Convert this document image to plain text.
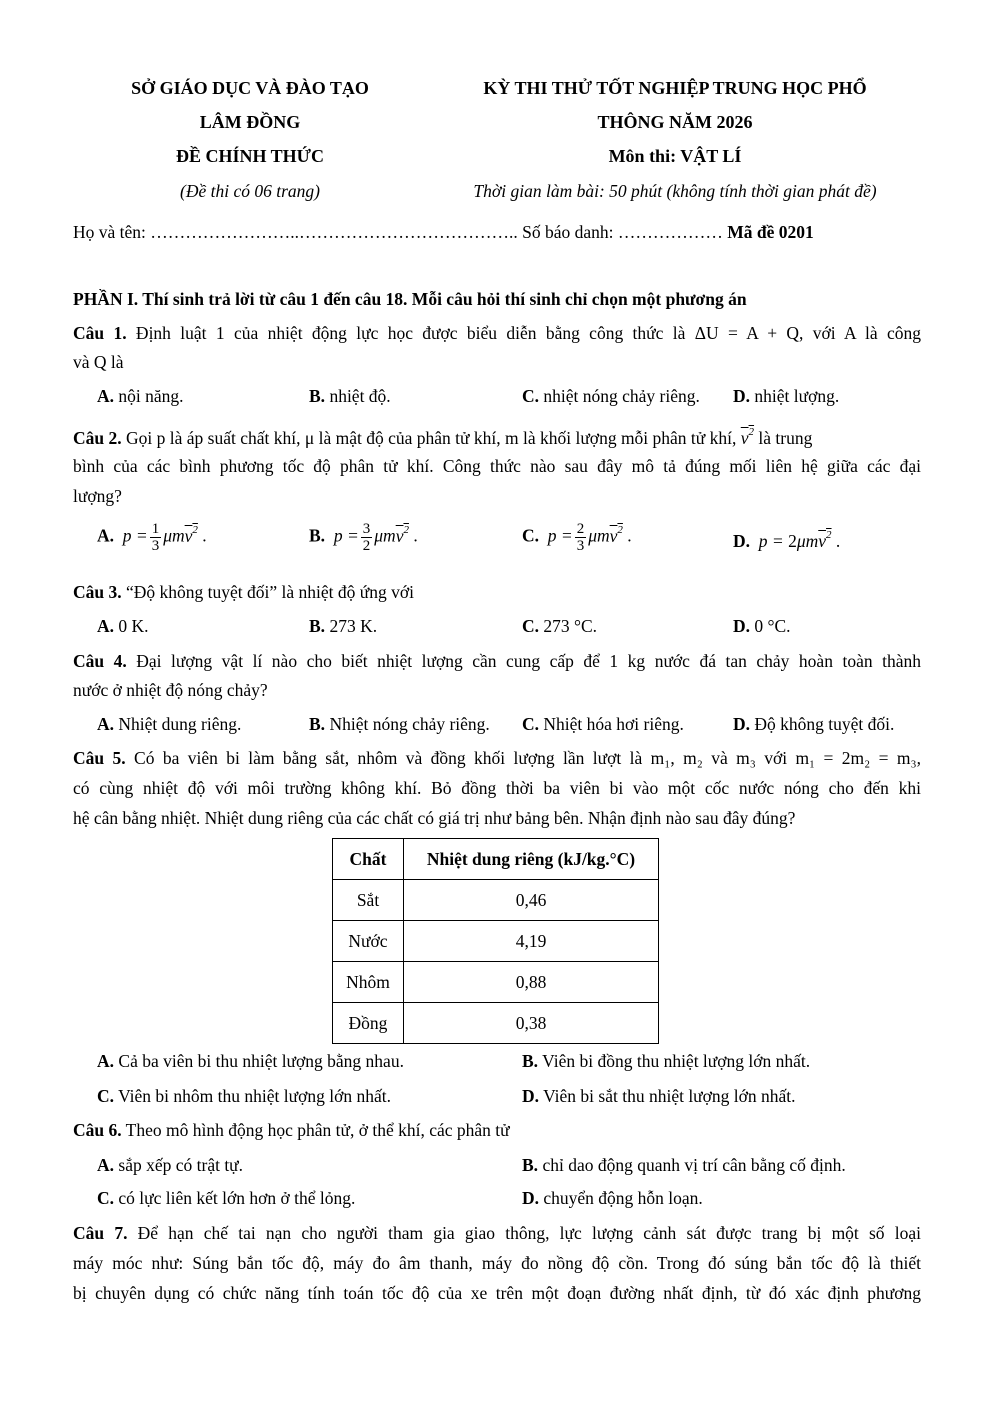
SỞ GIÁO DỤC VÀ ĐÀO TẠO
LÂM ĐỒNG
ĐỀ CHÍNH THỨC
(Đề thi có 06 trang)
KỲ THI THỬ TỐT NGHIỆP TRUNG HỌC PHỔ
THÔNG NĂM 2026
Môn thi: VẬT LÍ
Thời gian làm bài: 50 phút (không tính thời gian phát đề)
Họ và tên: ……………………..……………………………….. Số báo danh: ……………… Mã đề 0201
PHẦN I. Thí sinh trả lời từ câu 1 đến câu 18. Mỗi câu hỏi thí sinh chỉ chọn một phương án
Câu 1. Định luật 1 của nhiệt động lực học được biểu diễn bằng công thức là ΔU = A + Q, với A là công
và Q là
A. nội năng.	B. nhiệt độ.	C. nhiệt nóng chảy riêng. D. nhiệt lượng.
Câu 2. Gọi p là áp suất chất khí, μ là mật độ của phân tử khí, m là khối lượng mỗi phân tử khí, $v^2$ là trung
bình của các bình phương tốc độ phân tử khí. Công thức nào sau đây mô tả đúng mối liên hệ giữa các đại
lượng?
A.  $p = \frac{1}{3} \mu mv^2$ .	B.  $p = \frac{3}{2} \mu mv^2$ .	C.  $p = \frac{2}{3} \mu mv^2$ .	D.  p = 2μmv$^2$ .
Câu 3. “Độ không tuyệt đối” là nhiệt độ ứng với
A. 0 K.	B. 273 K.	C. 273 °C.	D. 0 °C.
Câu 4. Đại lượng vật lí nào cho biết nhiệt lượng cần cung cấp để 1 kg nước đá tan chảy hoàn toàn thành
nước ở nhiệt độ nóng chảy?
A. Nhiệt dung riêng.	B. Nhiệt nóng chảy riêng. C. Nhiệt hóa hơi riêng.	D. Độ không tuyệt đối.
Câu 5. Có ba viên bi làm bằng sắt, nhôm và đồng khối lượng lần lượt là m₁, m₂ và m₃ với m₁ = 2m₂ = m₃,
có cùng nhiệt độ với môi trường không khí. Bỏ đồng thời ba viên bi vào một cốc nước nóng cho đến khi
hệ cân bằng nhiệt. Nhiệt dung riêng của các chất có giá trị như bảng bên. Nhận định nào sau đây đúng?
Chất	Nhiệt dung riêng (kJ/kg.°C)
Sắt	0,46
Nước	4,19
Nhôm	0,88
Đồng	0,38
A. Cả ba viên bi thu nhiệt lượng bằng nhau.	B. Viên bi đồng thu nhiệt lượng lớn nhất.
C. Viên bi nhôm thu nhiệt lượng lớn nhất.	D. Viên bi sắt thu nhiệt lượng lớn nhất.
Câu 6. Theo mô hình động học phân tử, ở thể khí, các phân tử
A. sắp xếp có trật tự.	B. chỉ dao động quanh vị trí cân bằng cố định.
C. có lực liên kết lớn hơn ở thể lỏng.	D. chuyển động hỗn loạn.
Câu 7. Để hạn chế tai nạn cho người tham gia giao thông, lực lượng cảnh sát được trang bị một số loại
máy móc như: Súng bắn tốc độ, máy đo âm thanh, máy đo nồng độ cồn. Trong đó súng bắn tốc độ là thiết
bị chuyên dụng có chức năng tính toán tốc độ của xe trên một đoạn đường nhất định, từ đó xác định phương
